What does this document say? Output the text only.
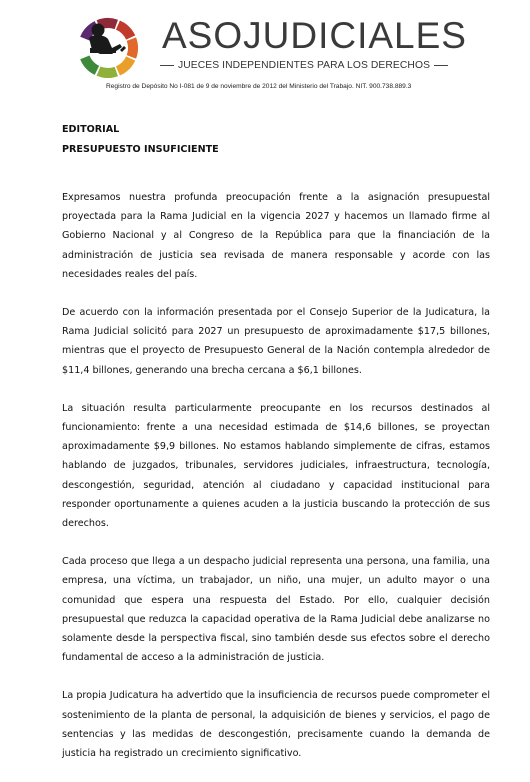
ASOJUDICIALES
JUECES INDEPENDIENTES PARA LOS DERECHOS
Registro de Depósito No I-081 de 9 de noviembre de 2012 del Ministerio del Trabajo. NIT. 900.738.889.3
EDITORIAL
PRESUPUESTO INSUFICIENTE

Expresamos nuestra profunda preocupación frente a la asignación presupuestal proyectada para la Rama Judicial en la vigencia 2027 y hacemos un llamado firme al Gobierno Nacional y al Congreso de la República para que la financiación de la administración de justicia sea revisada de manera responsable y acorde con las necesidades reales del país.

De acuerdo con la información presentada por el Consejo Superior de la Judicatura, la Rama Judicial solicitó para 2027 un presupuesto de aproximadamente $17,5 billones, mientras que el proyecto de Presupuesto General de la Nación contempla alrededor de $11,4 billones, generando una brecha cercana a $6,1 billones.

La situación resulta particularmente preocupante en los recursos destinados al funcionamiento: frente a una necesidad estimada de $14,6 billones, se proyectan aproximadamente $9,9 billones. No estamos hablando simplemente de cifras, estamos hablando de juzgados, tribunales, servidores judiciales, infraestructura, tecnología, descongestión, seguridad, atención al ciudadano y capacidad institucional para responder oportunamente a quienes acuden a la justicia buscando la protección de sus derechos.

Cada proceso que llega a un despacho judicial representa una persona, una familia, una empresa, una víctima, un trabajador, un niño, una mujer, un adulto mayor o una comunidad que espera una respuesta del Estado. Por ello, cualquier decisión presupuestal que reduzca la capacidad operativa de la Rama Judicial debe analizarse no solamente desde la perspectiva fiscal, sino también desde sus efectos sobre el derecho fundamental de acceso a la administración de justicia.

La propia Judicatura ha advertido que la insuficiencia de recursos puede comprometer el sostenimiento de la planta de personal, la adquisición de bienes y servicios, el pago de sentencias y las medidas de descongestión, precisamente cuando la demanda de justicia ha registrado un crecimiento significativo.
